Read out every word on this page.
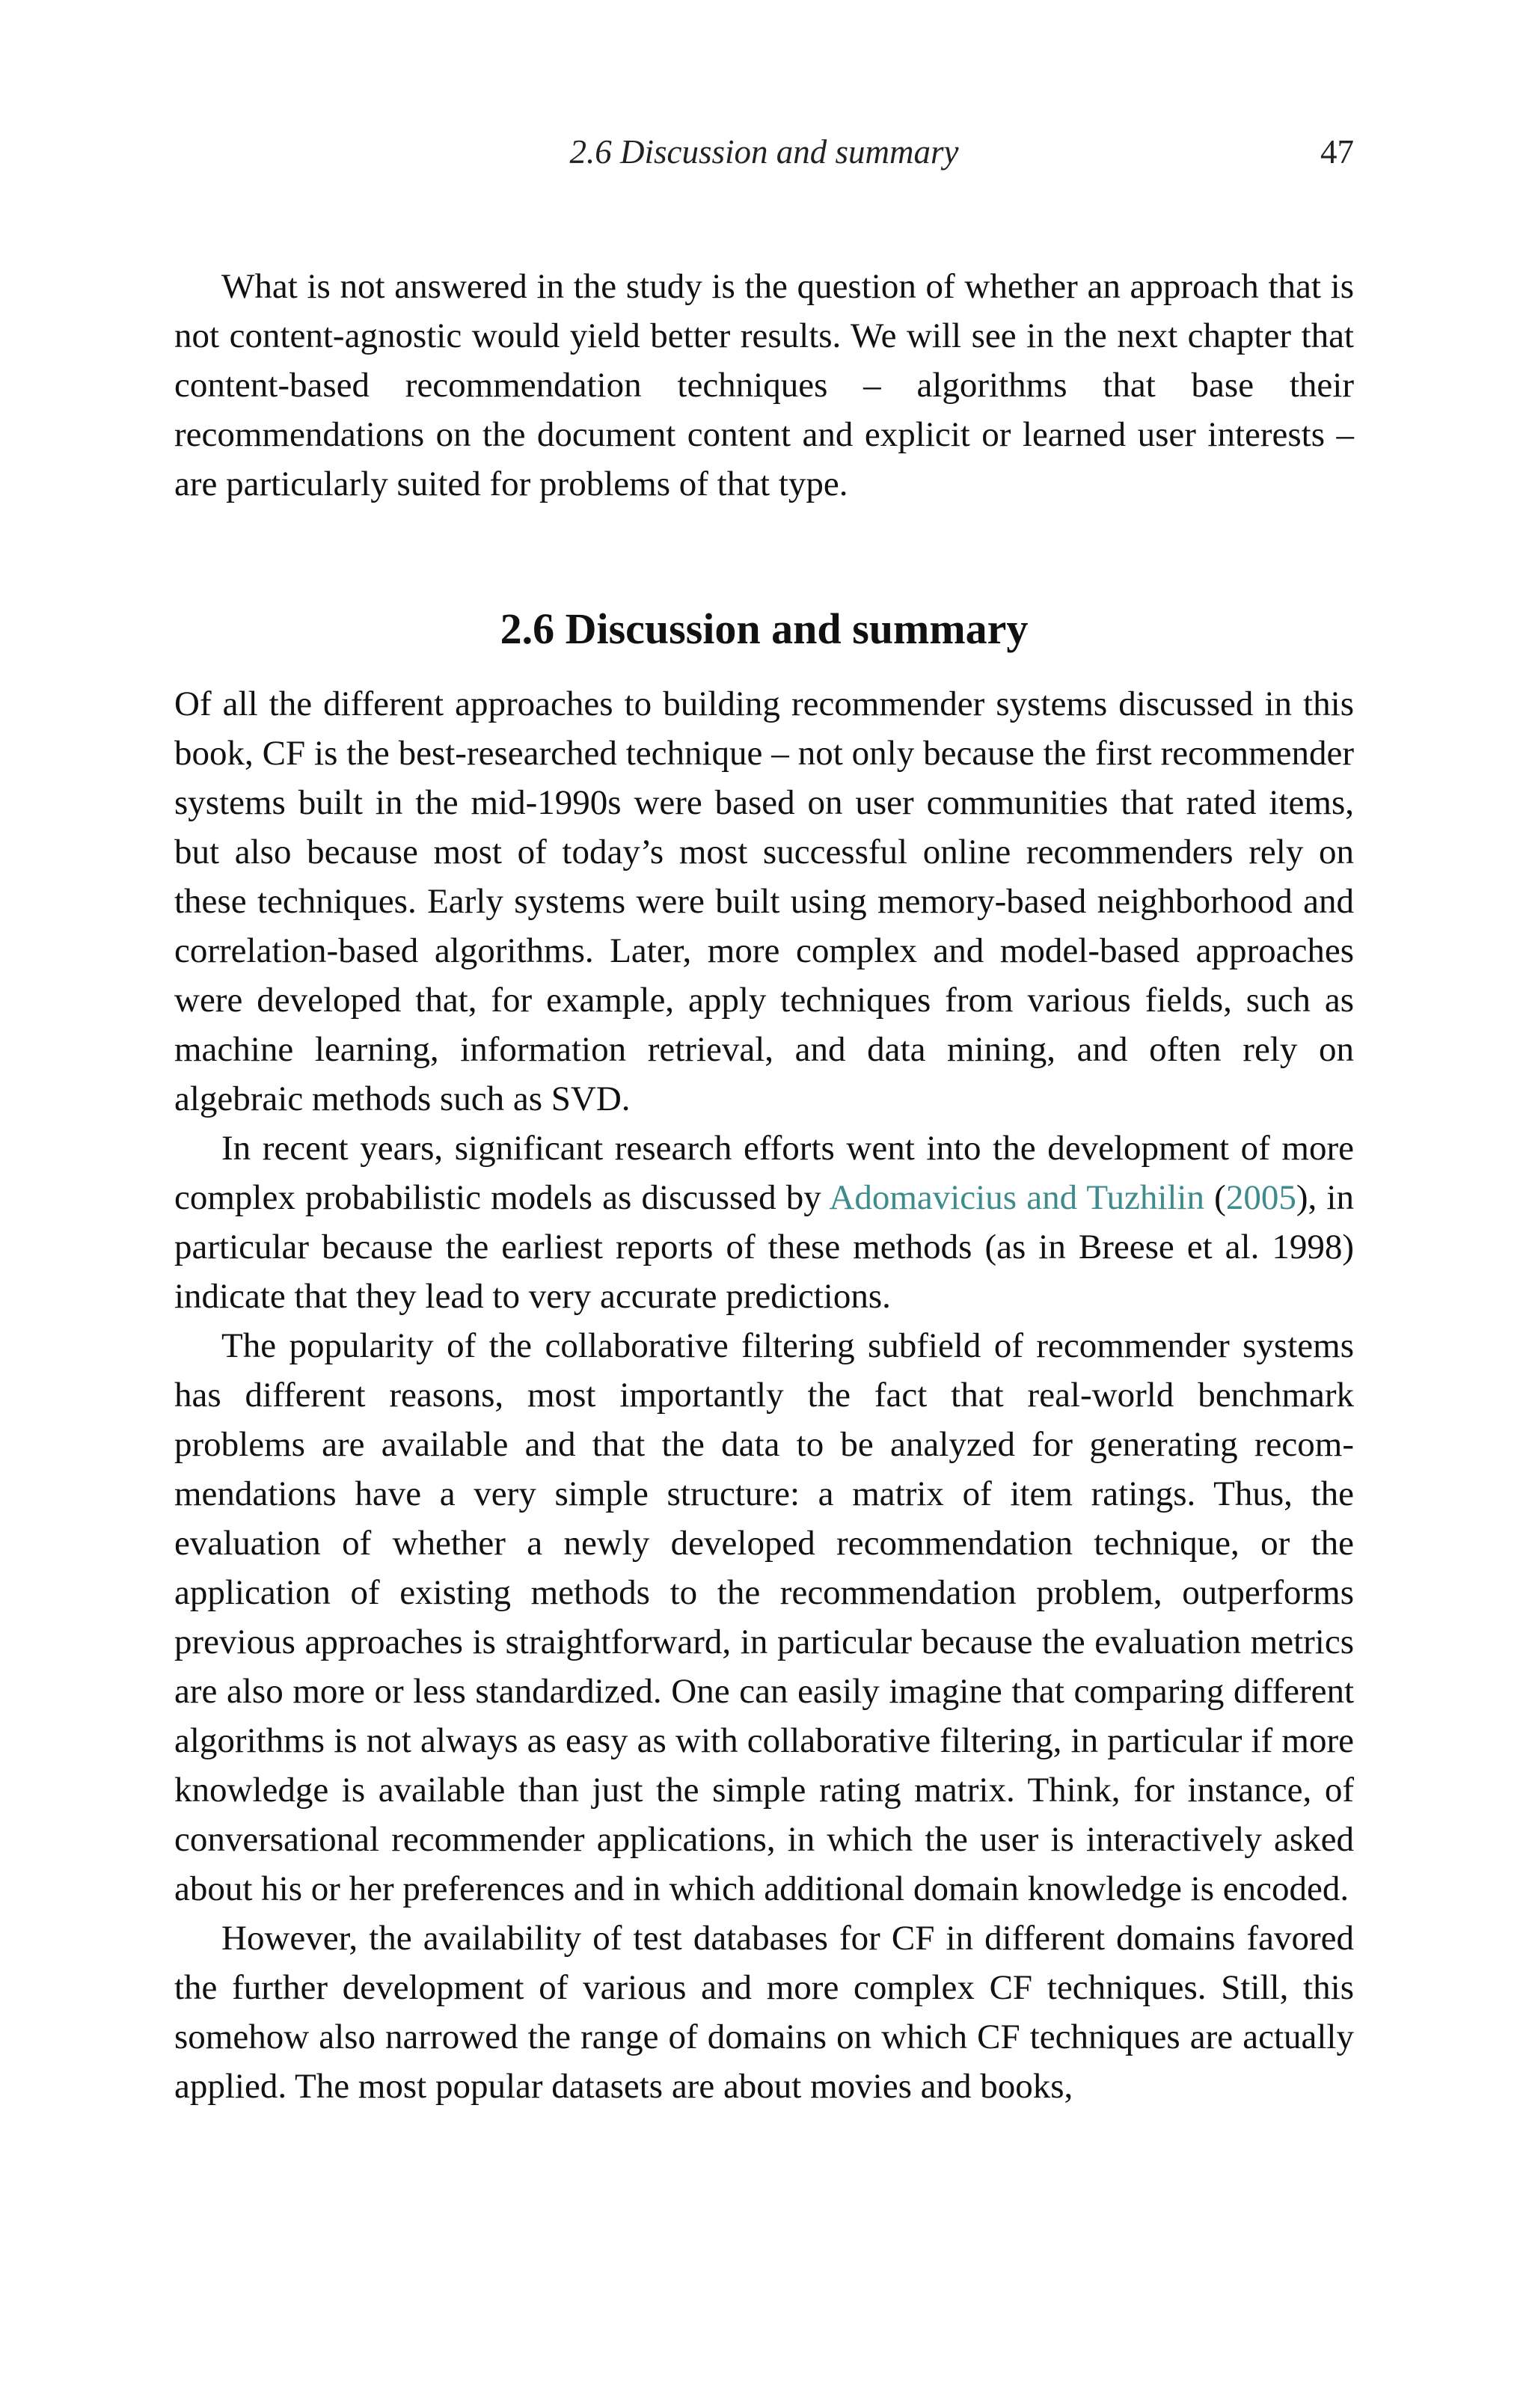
2.6 Discussion and summary	47

What is not answered in the study is the question of whether an approach that is not content-agnostic would yield better results. We will see in the next chapter that content-based recommendation techniques – algorithms that base their recommendations on the document content and explicit or learned user interests – are particularly suited for problems of that type.

2.6 Discussion and summary

Of all the different approaches to building recommender systems discussed in this book, CF is the best-researched technique – not only because the first recommender systems built in the mid-1990s were based on user communities that rated items, but also because most of today’s most successful online recommenders rely on these techniques. Early systems were built using memory-based neighborhood and correlation-based algorithms. Later, more complex and model-based approaches were developed that, for example, apply techniques from various fields, such as machine learning, information retrieval, and data mining, and often rely on algebraic methods such as SVD.

In recent years, significant research efforts went into the development of more complex probabilistic models as discussed by Adomavicius and Tuzhilin (2005), in particular because the earliest reports of these methods (as in Breese et al. 1998) indicate that they lead to very accurate predictions.

The popularity of the collaborative filtering subfield of recommender systems has different reasons, most importantly the fact that real-world benchmark problems are available and that the data to be analyzed for generating recommendations have a very simple structure: a matrix of item ratings. Thus, the evaluation of whether a newly developed recommendation technique, or the application of existing methods to the recommendation problem, outperforms previous approaches is straightforward, in particular because the evaluation metrics are also more or less standardized. One can easily imagine that comparing different algorithms is not always as easy as with collaborative filtering, in particular if more knowledge is available than just the simple rating matrix. Think, for instance, of conversational recommender applications, in which the user is interactively asked about his or her preferences and in which additional domain knowledge is encoded.

However, the availability of test databases for CF in different domains favored the further development of various and more complex CF techniques. Still, this somehow also narrowed the range of domains on which CF techniques are actually applied. The most popular datasets are about movies and books,
